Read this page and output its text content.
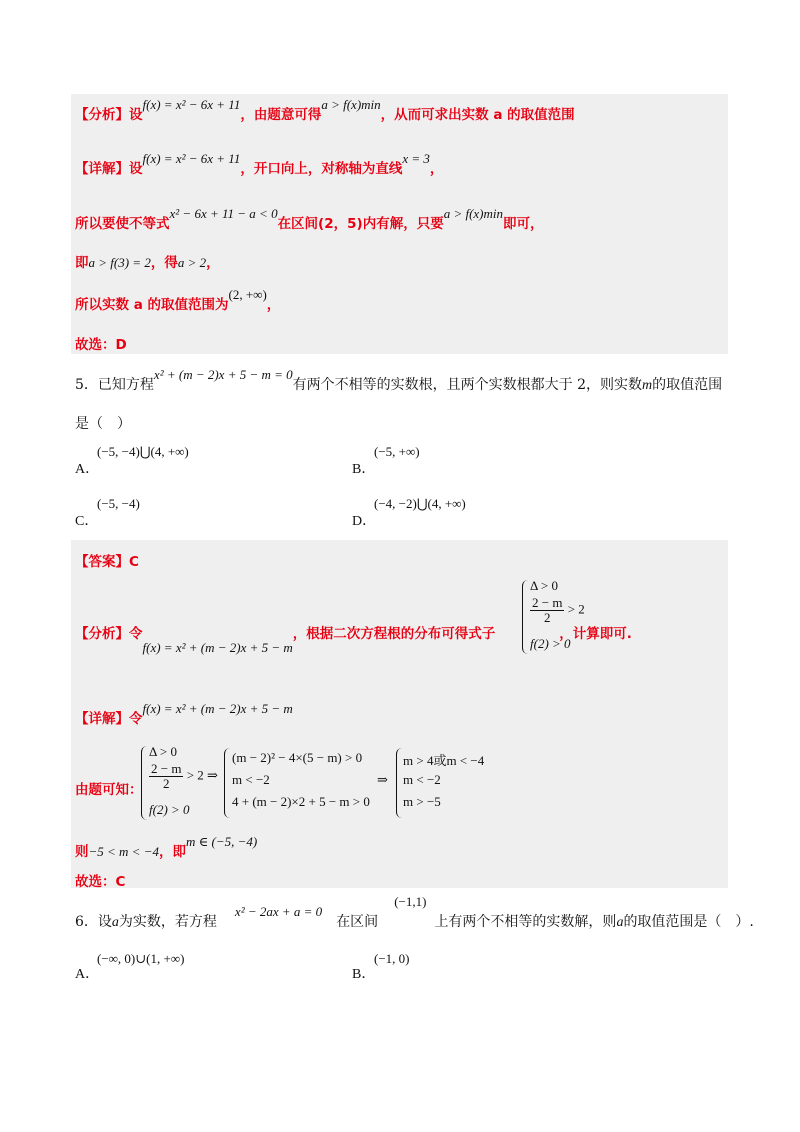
【分析】设f(x) = x² − 6x + 11，由题意可得a > f(x)min，从而可求出实数 a 的取值范围
【详解】设f(x) = x² − 6x + 11，开口向上，对称轴为直线x = 3，
所以要使不等式x² − 6x + 11 − a < 0在区间(2，5)内有解，只要a > f(x)min即可，
即a > f(3) = 2，得a > 2，
所以实数 a 的取值范围为(2, +∞)，
故选：D
5．已知方程x² + (m − 2)x + 5 − m = 0有两个不相等的实数根，且两个实数根都大于 2，则实数m的取值范围
是（　）
(−5, −4)⋃(4, +∞)
A．
(−5, +∞)
B．
(−5, −4)
C．
(−4, −2)⋃(4, +∞)
D．
【答案】C
【分析】令f(x) = x² + (m − 2)x + 5 − m，根据二次方程根的分布可得式子	，计算即可.
Δ > 0
$\frac{2 - m}{2} > 2$
f(2) > 0
【详解】令f(x) = x² + (m − 2)x + 5 − m
由题可知：
Δ > 0
$\frac{2 - m}{2} > 2$ ⇒
f(2) > 0
(m − 2)² − 4×(5 − m) > 0
m < −2
4 + (m − 2)×2 + 5 − m > 0
⇒
m > 4或m < −4
m < −2
m > −5
则−5 < m < −4，即m ∈ (−5, −4)
故选：C
6．设a为实数，若方程x² − 2ax + a = 0在区间(−1,1)上有两个不相等的实数解，则a的取值范围是（　）.
(−∞, 0)∪(1, +∞)
A．
(−1, 0)
B．
